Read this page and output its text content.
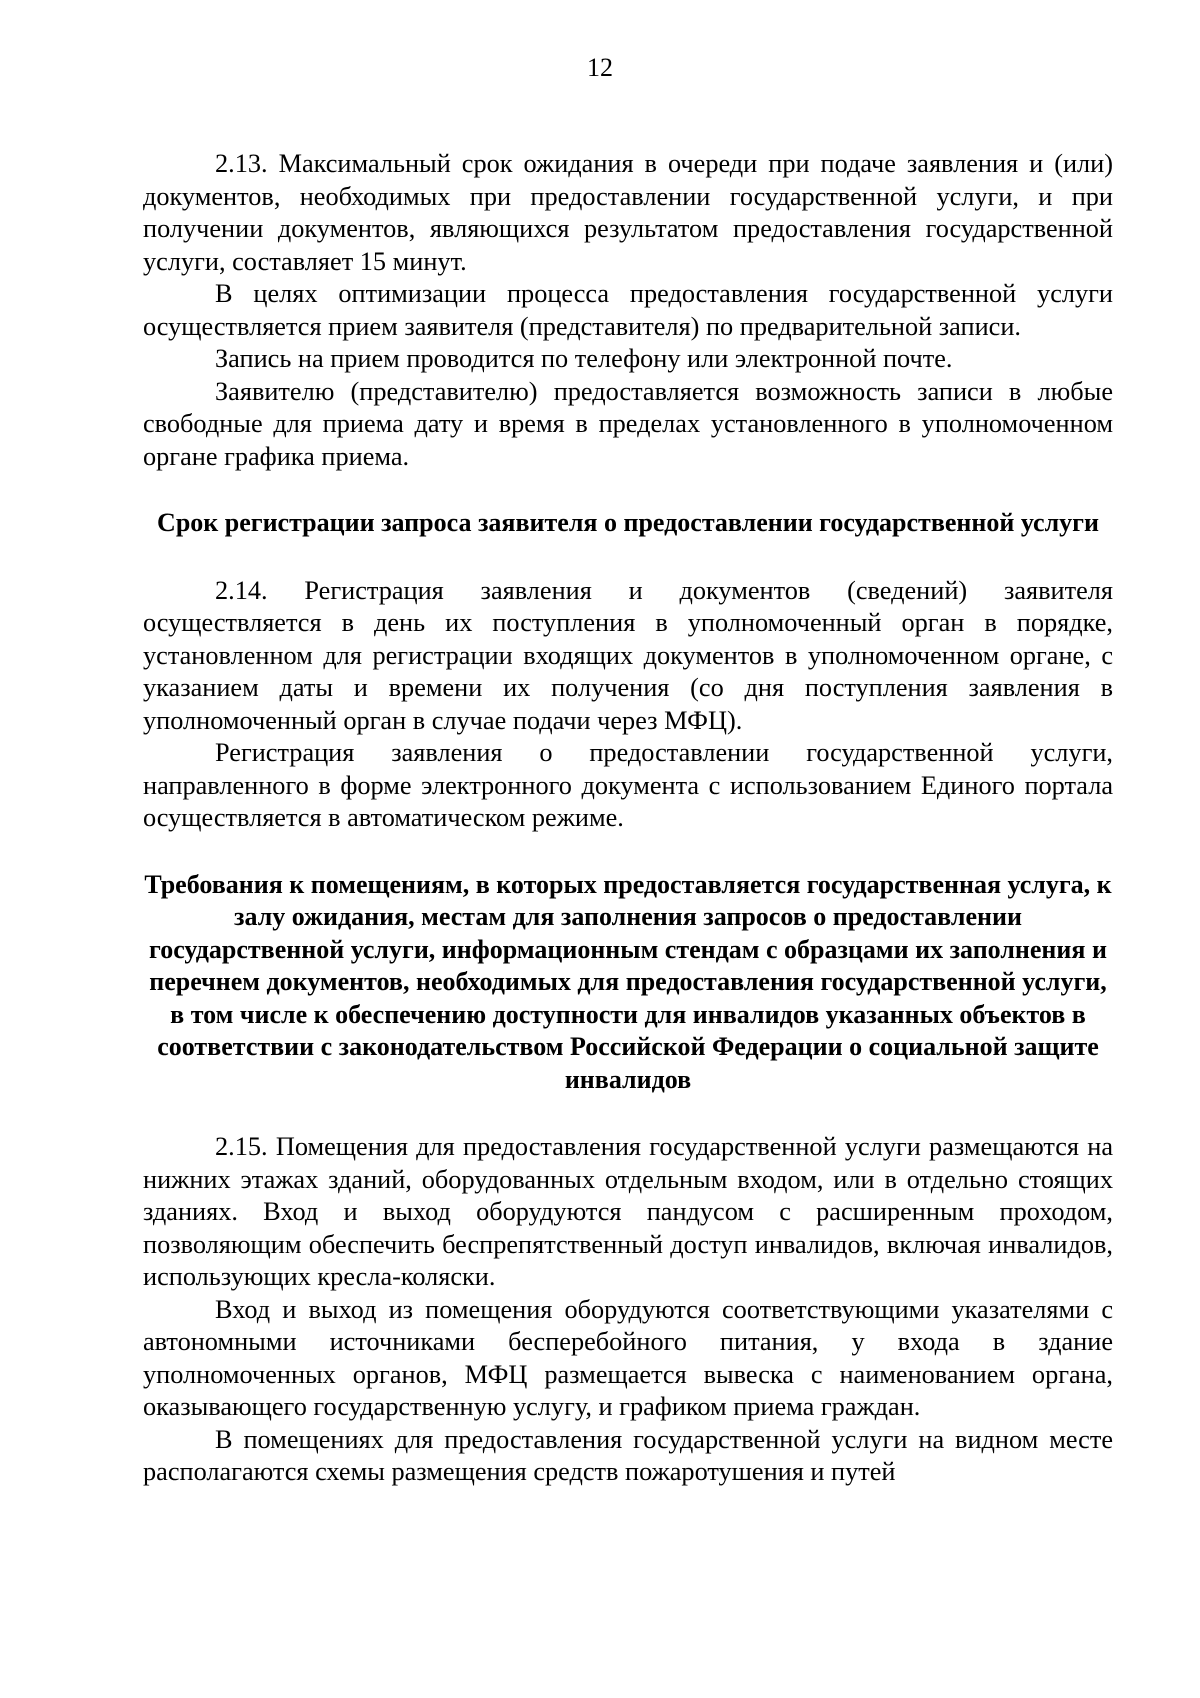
12

2.13. Максимальный срок ожидания в очереди при подаче заявления и (или) документов, необходимых при предоставлении государственной услуги, и при получении документов, являющихся результатом предоставления государственной услуги, составляет 15 минут.

В целях оптимизации процесса предоставления государственной услуги осуществляется прием заявителя (представителя) по предварительной записи.

Запись на прием проводится по телефону или электронной почте.

Заявителю (представителю) предоставляется возможность записи в любые свободные для приема дату и время в пределах установленного в уполномоченном органе графика приема.

Срок регистрации запроса заявителя о предоставлении государственной услуги

2.14. Регистрация заявления и документов (сведений) заявителя осуществляется в день их поступления в уполномоченный орган в порядке, установленном для регистрации входящих документов в уполномоченном органе, с указанием даты и времени их получения (со дня поступления заявления в уполномоченный орган в случае подачи через МФЦ).

Регистрация заявления о предоставлении государственной услуги, направленного в форме электронного документа с использованием Единого портала осуществляется в автоматическом режиме.

Требования к помещениям, в которых предоставляется государственная услуга, к залу ожидания, местам для заполнения запросов о предоставлении государственной услуги, информационным стендам с образцами их заполнения и перечнем документов, необходимых для предоставления государственной услуги, в том числе к обеспечению доступности для инвалидов указанных объектов в соответствии с законодательством Российской Федерации о социальной защите инвалидов

2.15. Помещения для предоставления государственной услуги размещаются на нижних этажах зданий, оборудованных отдельным входом, или в отдельно стоящих зданиях. Вход и выход оборудуются пандусом с расширенным проходом, позволяющим обеспечить беспрепятственный доступ инвалидов, включая инвалидов, использующих кресла-коляски.

Вход и выход из помещения оборудуются соответствующими указателями с автономными источниками бесперебойного питания, у входа в здание уполномоченных органов, МФЦ размещается вывеска с наименованием органа, оказывающего государственную услугу, и графиком приема граждан.

В помещениях для предоставления государственной услуги на видном месте располагаются схемы размещения средств пожаротушения и путей
